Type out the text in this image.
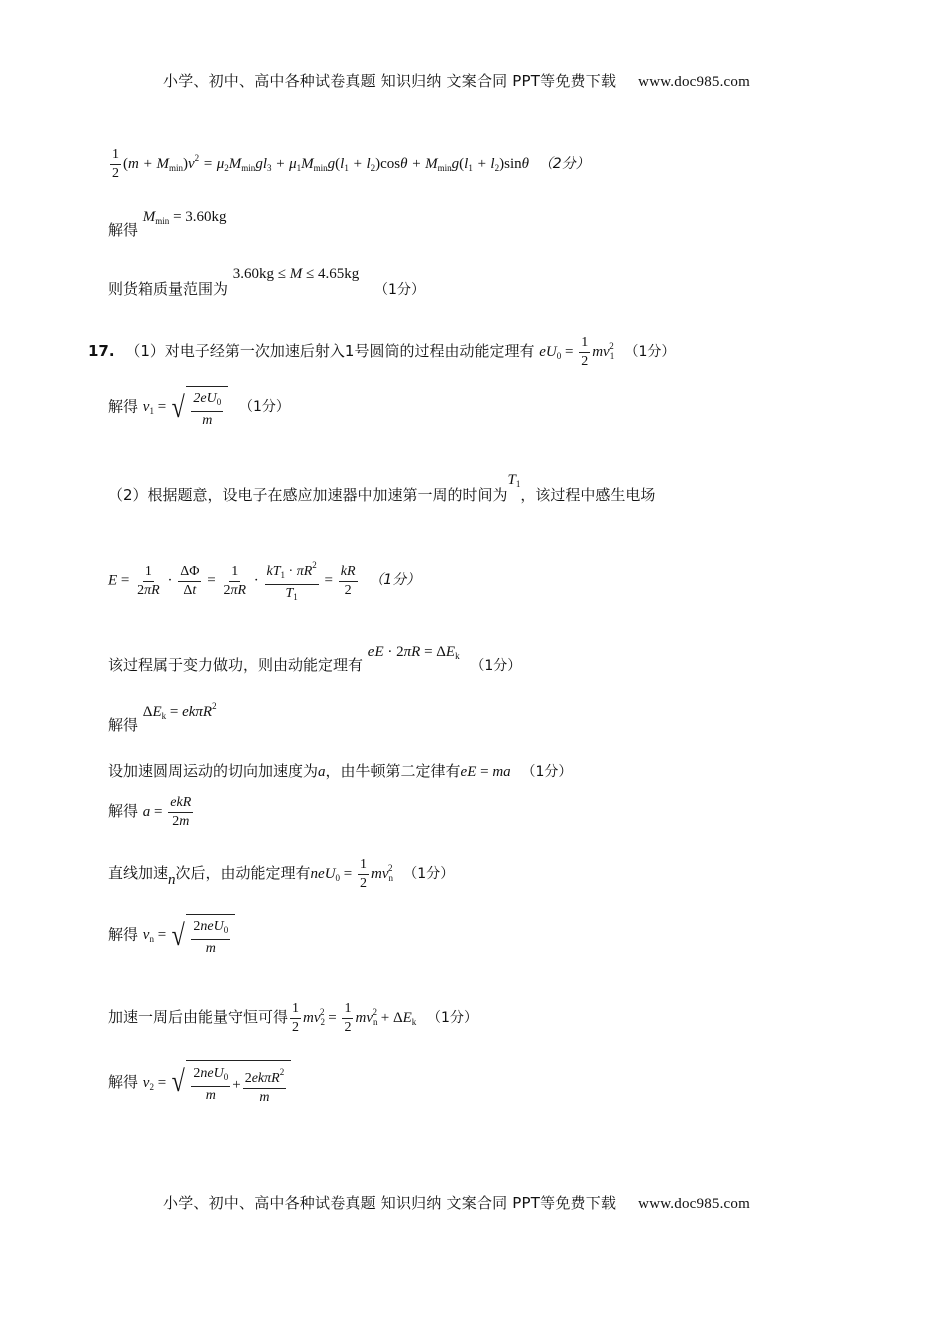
小学、初中、高中各种试卷真题 知识归纳 文案合同 PPT等免费下载 www.doc985.com
$\frac{1}{2} (m + M_{min})v^2 = \mu_2M_{min}gl_3 + \mu_1M_{min}g(l_1 + l_2)\cos\theta + M_{min}g(l_1 + l_2)\sin\theta$ （2分）
解得 $M_{min} = 3.60kg$
则货箱质量范围为 3.60kg ≤ M ≤ 4.65kg （1分）
17. （1）对电子经第一次加速后射入1号圆筒的过程由动能定理有 $eU_0 = \frac{1}{2} mv_1^2$ （1分）
解得 $v_1$ = √ $\frac{2eU_0}{m} (1$分）
（2）根据题意，设电子在感应加速器中加速第一周的时间为$T_1$，该过程中感生电场
$E = \frac{1}{2\pi R} \cdot \frac{\Delta\Phi}{\Delta t} = \frac{1}{2\pi R} \cdot \frac{kT_1 \cdot \pi R^2}{T_1} = \frac{kR}{2} (1$分）
该过程属于变力做功，则由动能定理有 eE · $2\pi R = \Delta E_k$ （1分）
解得 $\Delta E_k = ek\pi R^2$
设加速圆周运动的切向加速度为a，由牛顿第二定律有eE = ma （1分）
解得 $a = \frac{\text{ekR}}{2m}$
直线加速n次后，由动能定理有$neU_0 = \frac{1}{2} mv_n^2$ （1分）
解得 $v_n$ = √ $\frac{2neU_0}{m}$
加速一周后由能量守恒可得 $\frac{1}{2} mv_2^2 = \frac{1}{2} mv_n^2 + \Delta E_k$ （1分）
解得 $v_2$ = √ $\frac{2neU_0}{m} + \frac{2ek\pi R^2}{m}$
小学、初中、高中各种试卷真题 知识归纳 文案合同 PPT等免费下载 www.doc985.com
